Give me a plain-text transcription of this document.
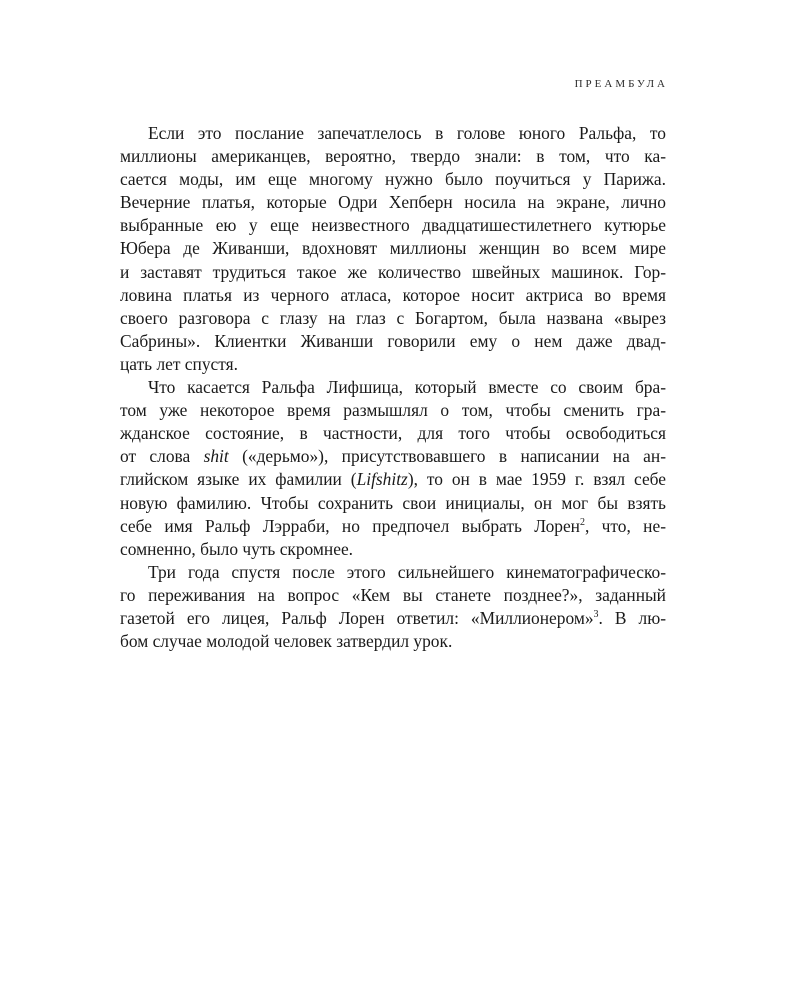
ПРЕАМБУЛА
Если это послание запечатлелось в голове юного Ральфа, то
миллионы американцев, вероятно, твердо знали: в том, что ка-
сается моды, им еще многому нужно было поучиться у Парижа.
Вечерние платья, которые Одри Хепберн носила на экране, лично
выбранные ею у еще неизвестного двадцатишестилетнего кутюрье
Юбера де Живанши, вдохновят миллионы женщин во всем мире
и заставят трудиться такое же количество швейных машинок. Гор-
ловина платья из черного атласа, которое носит актриса во время
своего разговора с глазу на глаз с Богартом, была названа «вырез
Сабрины». Клиентки Живанши говорили ему о нем даже двад-
цать лет спустя.
Что касается Ральфа Лифшица, который вместе со своим бра-
том уже некоторое время размышлял о том, чтобы сменить гра-
жданское состояние, в частности, для того чтобы освободиться
от слова shit («дерьмо»), присутствовавшего в написании на ан-
глийском языке их фамилии (Lifshitz), то он в мае 1959 г. взял себе
новую фамилию. Чтобы сохранить свои инициалы, он мог бы взять
себе имя Ральф Лэрраби, но предпочел выбрать Лорен$^2$, что, не-
сомненно, было чуть скромнее.
Три года спустя после этого сильнейшего кинематографическо-
го переживания на вопрос «Кем вы станете позднее?», заданный
газетой его лицея, Ральф Лорен ответил: «Миллионером»$^3$. В лю-
бом случае молодой человек затвердил урок.
